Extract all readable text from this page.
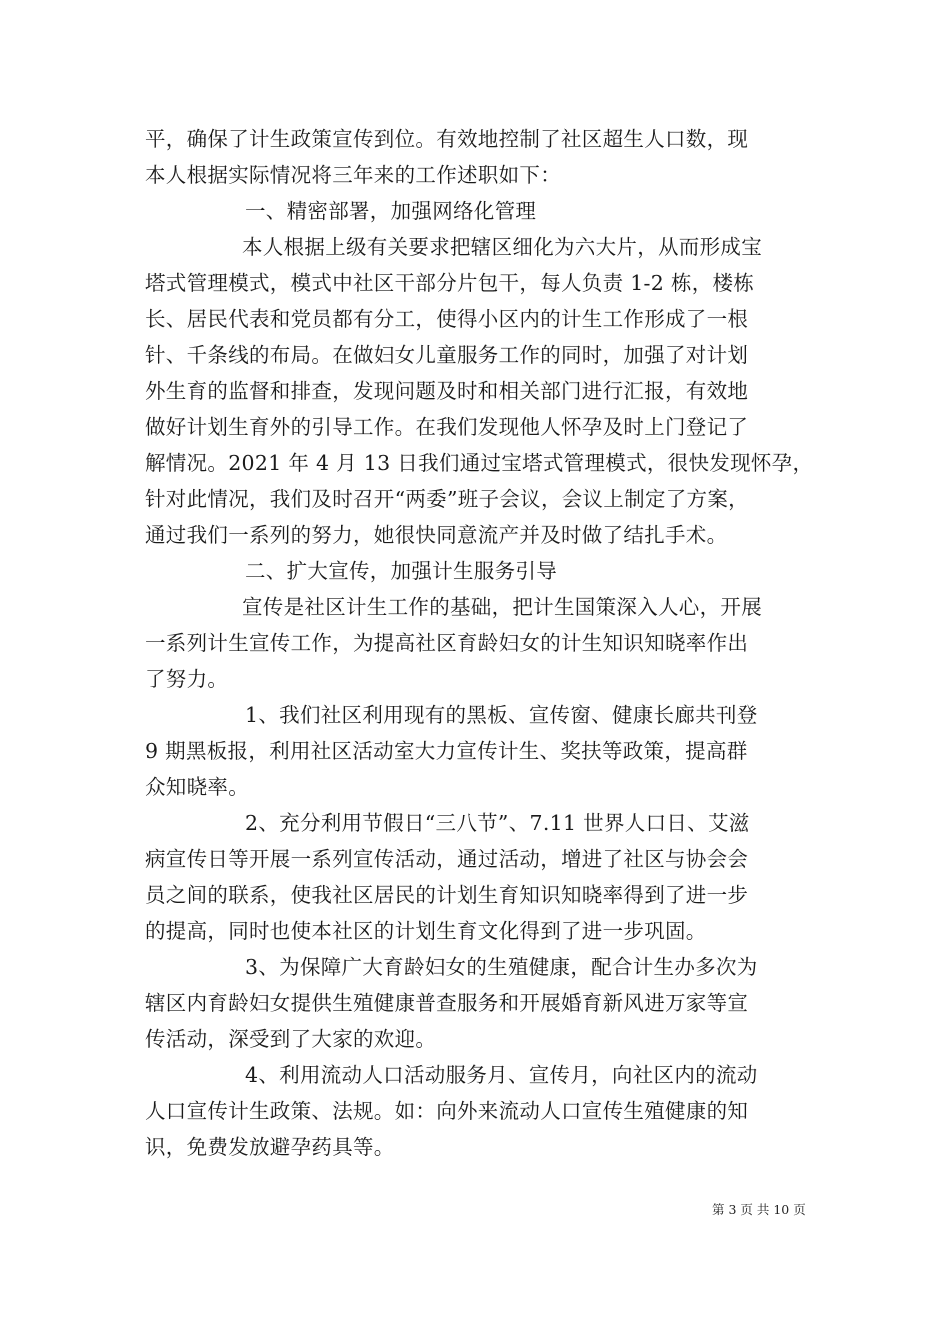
平，确保了计生政策宣传到位。有效地控制了社区超生人口数，现
本人根据实际情况将三年来的工作述职如下：
一、精密部署，加强网络化管理
本人根据上级有关要求把辖区细化为六大片，从而形成宝
塔式管理模式，模式中社区干部分片包干，每人负责 1-2 栋，楼栋
长、居民代表和党员都有分工，使得小区内的计生工作形成了一根
针、千条线的布局。在做妇女儿童服务工作的同时，加强了对计划
外生育的监督和排查，发现问题及时和相关部门进行汇报，有效地
做好计划生育外的引导工作。在我们发现他人怀孕及时上门登记了
解情况。2021 年 4 月 13 日我们通过宝塔式管理模式，很快发现怀孕，
针对此情况，我们及时召开“两委”班子会议，会议上制定了方案，
通过我们一系列的努力，她很快同意流产并及时做了结扎手术。
二、扩大宣传，加强计生服务引导
宣传是社区计生工作的基础，把计生国策深入人心，开展
一系列计生宣传工作，为提高社区育龄妇女的计生知识知晓率作出
了努力。
1、我们社区利用现有的黑板、宣传窗、健康长廊共刊登
9 期黑板报，利用社区活动室大力宣传计生、奖扶等政策，提高群
众知晓率。
2、充分利用节假日“三八节”、7.11 世界人口日、艾滋
病宣传日等开展一系列宣传活动，通过活动，增进了社区与协会会
员之间的联系，使我社区居民的计划生育知识知晓率得到了进一步
的提高，同时也使本社区的计划生育文化得到了进一步巩固。
3、为保障广大育龄妇女的生殖健康，配合计生办多次为
辖区内育龄妇女提供生殖健康普查服务和开展婚育新风进万家等宣
传活动，深受到了大家的欢迎。
4、利用流动人口活动服务月、宣传月，向社区内的流动
人口宣传计生政策、法规。如：向外来流动人口宣传生殖健康的知
识，免费发放避孕药具等。
第 3 页 共 10 页
